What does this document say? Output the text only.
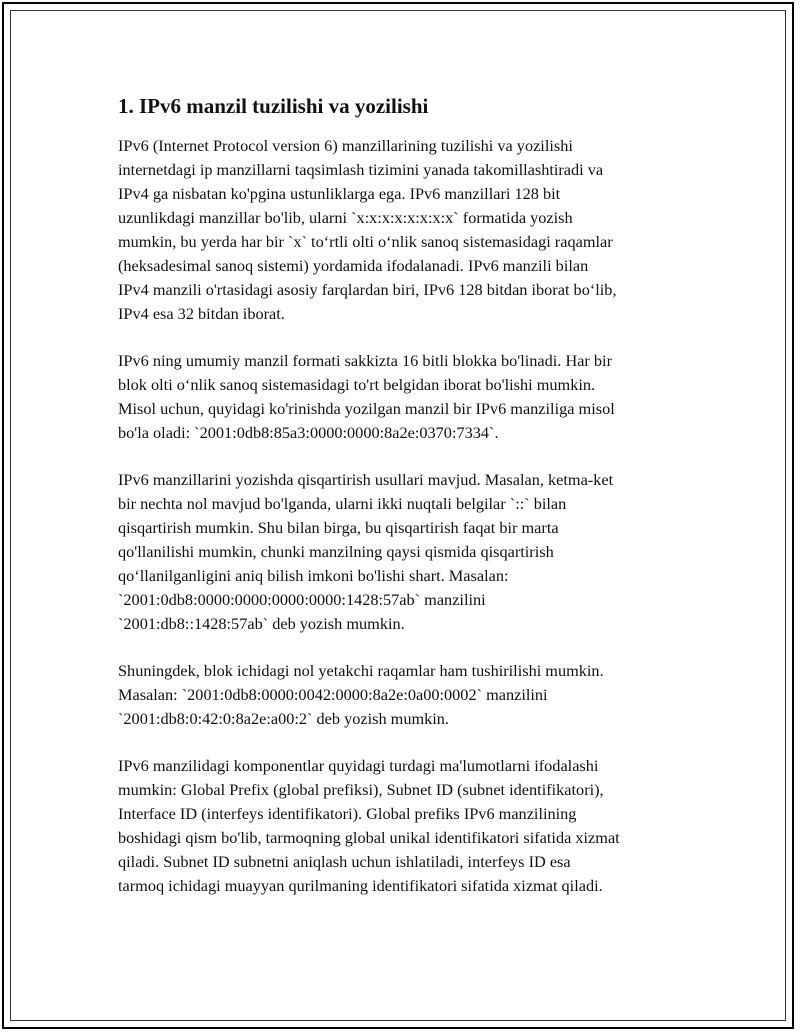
1. IPv6 manzil tuzilishi va yozilishi
IPv6 (Internet Protocol version 6) manzillarining tuzilishi va yozilishi
internetdagi ip manzillarni taqsimlash tizimini yanada takomillashtiradi va
IPv4 ga nisbatan ko'pgina ustunliklarga ega. IPv6 manzillari 128 bit
uzunlikdagi manzillar bo'lib, ularni `x:x:x:x:x:x:x:x` formatida yozish
mumkin, bu yerda har bir `x` to‘rtli olti o‘nlik sanoq sistemasidagi raqamlar
(heksadesimal sanoq sistemi) yordamida ifodalanadi. IPv6 manzili bilan
IPv4 manzili o'rtasidagi asosiy farqlardan biri, IPv6 128 bitdan iborat bo‘lib,
IPv4 esa 32 bitdan iborat.
IPv6 ning umumiy manzil formati sakkizta 16 bitli blokka bo'linadi. Har bir
blok olti o‘nlik sanoq sistemasidagi to'rt belgidan iborat bo'lishi mumkin.
Misol uchun, quyidagi ko'rinishda yozilgan manzil bir IPv6 manziliga misol
bo'la oladi: `2001:0db8:85a3:0000:0000:8a2e:0370:7334`.
IPv6 manzillarini yozishda qisqartirish usullari mavjud. Masalan, ketma-ket
bir nechta nol mavjud bo'lganda, ularni ikki nuqtali belgilar `::` bilan
qisqartirish mumkin. Shu bilan birga, bu qisqartirish faqat bir marta
qo'llanilishi mumkin, chunki manzilning qaysi qismida qisqartirish
qo‘llanilganligini aniq bilish imkoni bo'lishi shart. Masalan:
`2001:0db8:0000:0000:0000:0000:1428:57ab` manzilini
`2001:db8::1428:57ab` deb yozish mumkin.
Shuningdek, blok ichidagi nol yetakchi raqamlar ham tushirilishi mumkin.
Masalan: `2001:0db8:0000:0042:0000:8a2e:0a00:0002` manzilini
`2001:db8:0:42:0:8a2e:a00:2` deb yozish mumkin.
IPv6 manzilidagi komponentlar quyidagi turdagi ma'lumotlarni ifodalashi
mumkin: Global Prefix (global prefiksi), Subnet ID (subnet identifikatori),
Interface ID (interfeys identifikatori). Global prefiks IPv6 manzilining
boshidagi qism bo'lib, tarmoqning global unikal identifikatori sifatida xizmat
qiladi. Subnet ID subnetni aniqlash uchun ishlatiladi, interfeys ID esa
tarmoq ichidagi muayyan qurilmaning identifikatori sifatida xizmat qiladi.
